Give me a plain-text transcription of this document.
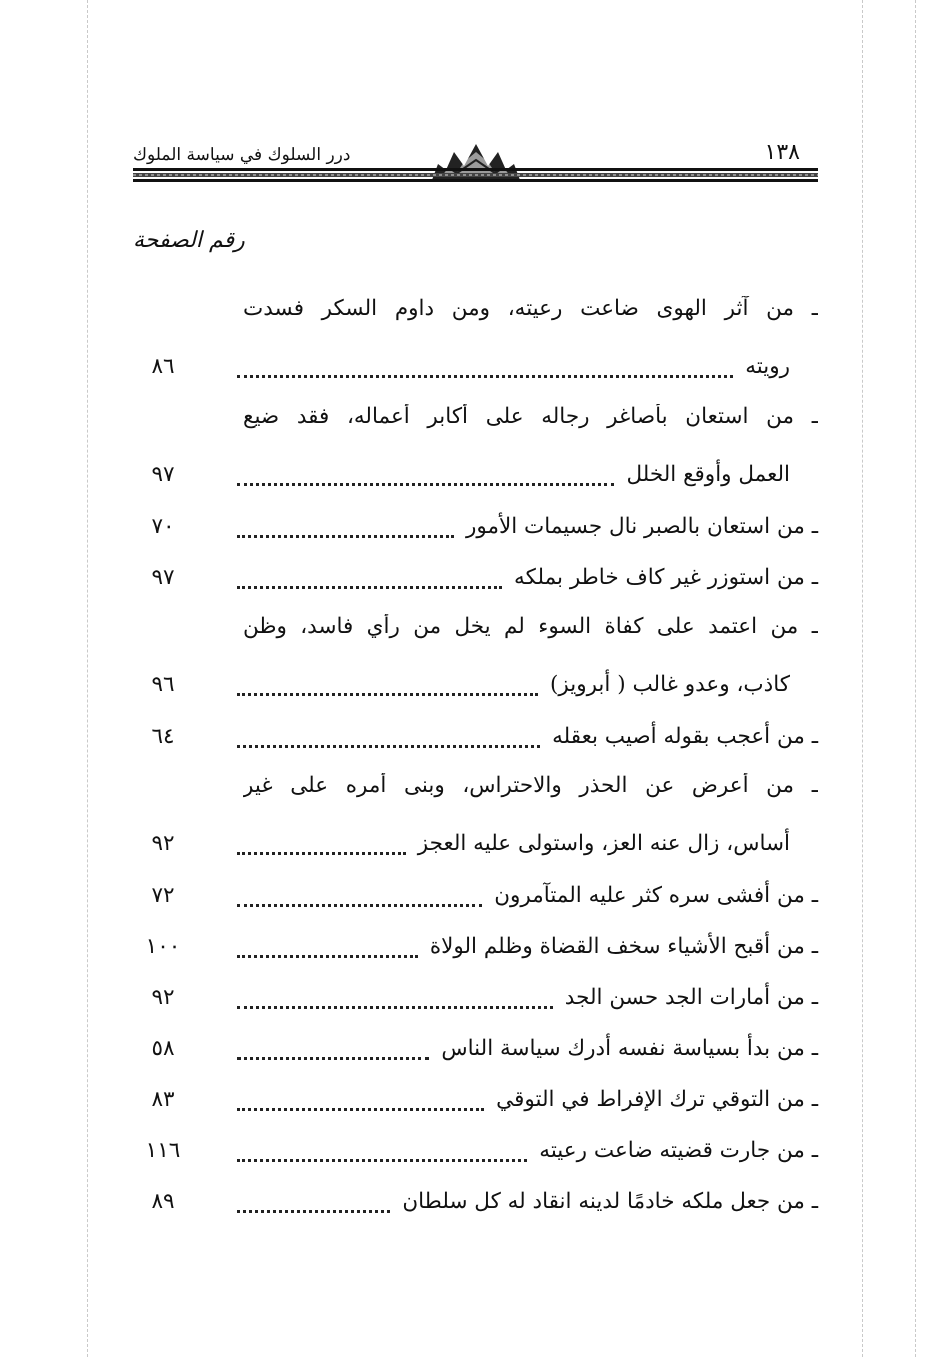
١٣٨
درر السلوك في سياسة الملوك
رقم الصفحة
ـ من آثر الهوى ضاعت رعيته، ومن داوم السكر فسدت
رويته
٨٦
ـ من استعان بأصاغر رجاله على أكابر أعماله، فقد ضيع
العمل وأوقع الخلل
٩٧
ـ من استعان بالصبر نال جسيمات الأمور
٧٠
ـ من استوزر غير كاف خاطر بملكه
٩٧
ـ من اعتمد على كفاة السوء لم يخل من رأي فاسد، وظن
كاذب، وعدو غالب ( أبرويز)
٩٦
ـ من أعجب بقوله أصيب بعقله
٦٤
ـ من أعرض عن الحذر والاحتراس، وبنى أمره على غير
أساس، زال عنه العز، واستولى عليه العجز
٩٢
ـ من أفشى سره كثر عليه المتآمرون
٧٢
ـ من أقبح الأشياء سخف القضاة وظلم الولاة
١٠٠
ـ من أمارات الجد حسن الجد
٩٢
ـ من بدأ بسياسة نفسه أدرك سياسة الناس
٥٨
ـ من التوقي ترك الإفراط في التوقي
٨٣
ـ من جارت قضيته ضاعت رعيته
١١٦
ـ من جعل ملكه خادمًا لدينه انقاد له كل سلطان
٨٩
